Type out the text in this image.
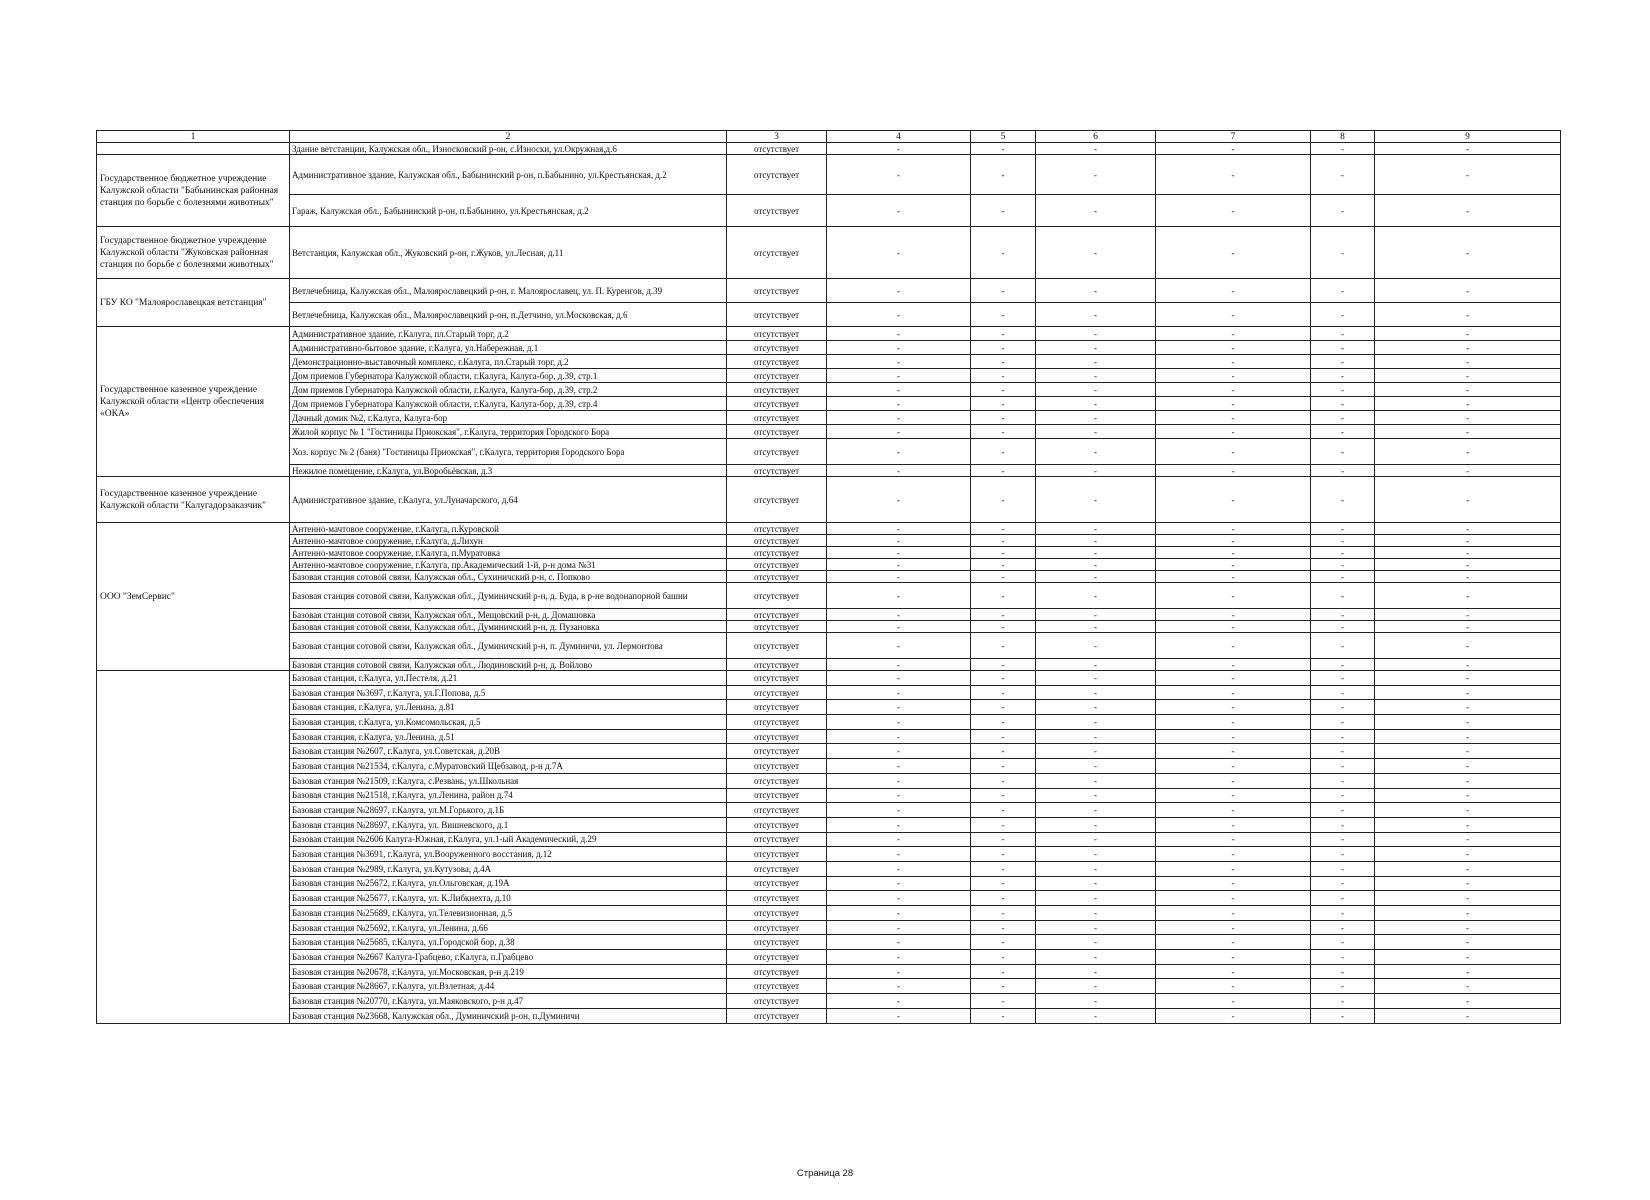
1	2	3	4	5	6	7	8	9
	Здание ветстанции, Калужская обл., Износковский р-он, с.Износки, ул.Окружная,д.6	отсутствует	-	-	-	-	-	-
Государственное бюджетное учреждение Калужской области "Бабынинская районная станция по борьбе с болезнями животных"	Административное здание, Калужская обл., Бабынинский р-он, п.Бабынино, ул.Крестьянская, д.2	отсутствует	-	-	-	-	-	-
	Гараж, Калужская обл., Бабынинский р-он, п.Бабынино, ул.Крестьянская, д.2	отсутствует	-	-	-	-	-	-
Государственное бюджетное учреждение Калужской области "Жуковская районная станция по борьбе с болезнями животных"	Ветстанция, Калужская обл., Жуковский р-он, г.Жуков, ул.Лесная, д.11	отсутствует	-	-	-	-	-	-
ГБУ КО "Малоярославецкая ветстанция"	Ветлечебница, Калужская обл., Малоярославецкий р-он, г. Малоярославец, ул. П. Куренгов, д.39	отсутствует	-	-	-	-	-	-
	Ветлечебница, Калужская обл., Малоярославецкий р-он, п.Детчино, ул.Московская, д.6	отсутствует	-	-	-	-	-	-
Государственное казенное учреждение Калужской области «Центр обеспечения «ОКА»	Административное здание, г.Калуга, пл.Старый торг, д.2	отсутствует	-	-	-	-	-	-
	Административно-бытовое здание, г.Калуга, ул.Набережная, д.1	отсутствует	-	-	-	-	-	-
	Демонстрационно-выставочный комплекс, г.Калуга, пл.Старый торг, д.2	отсутствует	-	-	-	-	-	-
	Дом приемов Губернатора Калужской области, г.Калуга, Калуга-бор, д.39, стр.1	отсутствует	-	-	-	-	-	-
	Дом приемов Губернатора Калужской области, г.Калуга, Калуга-бор, д.39, стр.2	отсутствует	-	-	-	-	-	-
	Дом приемов Губернатора Калужской области, г.Калуга, Калуга-бор, д.39, стр.4	отсутствует	-	-	-	-	-	-
	Дачный домик №2, г.Калуга, Калуга-бор	отсутствует	-	-	-	-	-	-
	Жилой корпус № 1 "Гостиницы Приокская", г.Калуга, территория Городского Бора	отсутствует	-	-	-	-	-	-
	Хоз. корпус № 2 (баня) "Гостиницы Приокская", г.Калуга, территория Городского Бора	отсутствует	-	-	-	-	-	-
	Нежилое помещение, г.Калуга, ул.Воробьёвская, д.3	отсутствует	-	-	-	-	-	-
Государственное казенное учреждение Калужской области "Калугадорзаказчик"	Административное здание, г.Калуга, ул.Луначарского, д.64	отсутствует	-	-	-	-	-	-
ООО "ЗемСервис"	Антенно-мачтовое сооружение, г.Калуга, п.Куровской	отсутствует	-	-	-	-	-	-
	Антенно-мачтовое сооружение, г.Калуга, д.Лихун	отсутствует	-	-	-	-	-	-
	Антенно-мачтовое сооружение, г.Калуга, п.Муратовка	отсутствует	-	-	-	-	-	-
	Антенно-мачтовое сооружение, г.Калуга, пр.Академический 1-й, р-н дома №31	отсутствует	-	-	-	-	-	-
	Базовая станция сотовой связи, Калужская обл., Сухиничский р-н, с. Попково	отсутствует	-	-	-	-	-	-
	Базовая станция сотовой связи, Калужская обл., Думиничский р-н, д. Буда, в р-не водонапорной башни	отсутствует	-	-	-	-	-	-
	Базовая станция сотовой связи, Калужская обл., Мещовский р-н, д. Домашовка	отсутствует	-	-	-	-	-	-
	Базовая станция сотовой связи, Калужская обл., Думиничский р-н, д. Пузановка	отсутствует	-	-	-	-	-	-
	Базовая станция сотовой связи, Калужская обл., Думиничский р-н, п. Думиничи, ул. Лермонтова	отсутствует	-	-	-	-	-	-
	Базовая станция сотовой связи, Калужская обл., Людиновский р-н, д. Войлово	отсутствует	-	-	-	-	-	-
	Базовая станция, г.Калуга, ул.Пестеля, д.21	отсутствует	-	-	-	-	-	-
	Базовая станция №3697, г.Калуга, ул.Г.Попова, д.5	отсутствует	-	-	-	-	-	-
	Базовая станция, г.Калуга, ул.Ленина, д.81	отсутствует	-	-	-	-	-	-
	Базовая станция, г.Калуга, ул.Комсомольская, д.5	отсутствует	-	-	-	-	-	-
	Базовая станция, г.Калуга, ул.Ленина, д.51	отсутствует	-	-	-	-	-	-
	Базовая станция №2607, г.Калуга, ул.Советская, д.20В	отсутствует	-	-	-	-	-	-
	Базовая станция №21534, г.Калуга, с.Муратовский Щебзавод, р-н д.7А	отсутствует	-	-	-	-	-	-
	Базовая станция №21509, г.Калуга, с.Резвань, ул.Школьная	отсутствует	-	-	-	-	-	-
	Базовая станция №21518, г.Калуга, ул.Ленина, район д.74	отсутствует	-	-	-	-	-	-
	Базовая станция №28697, г.Калуга, ул.М.Горького, д.1Б	отсутствует	-	-	-	-	-	-
	Базовая станция №28697, г.Калуга, ул. Вишневского, д.1	отсутствует	-	-	-	-	-	-
	Базовая станция №2606 Калуга-Южная, г.Калуга, ул.1-ый Академический, д.29	отсутствует	-	-	-	-	-	-
	Базовая станция №3691, г.Калуга, ул.Вооруженного восстания, д.12	отсутствует	-	-	-	-	-	-
	Базовая станция №2989, г.Калуга, ул.Кутузова, д.4А	отсутствует	-	-	-	-	-	-
	Базовая станция №25672, г.Калуга, ул.Ольговская, д.19А	отсутствует	-	-	-	-	-	-
	Базовая станция №25677, г.Калуга, ул. К.Либкнехта, д.10	отсутствует	-	-	-	-	-	-
	Базовая станция №25689, г.Калуга, ул.Телевизионная, д.5	отсутствует	-	-	-	-	-	-
	Базовая станция №25692, г.Калуга, ул.Ленина, д.66	отсутствует	-	-	-	-	-	-
	Базовая станция №25685, г.Калуга, ул.Городской бор, д.38	отсутствует	-	-	-	-	-	-
	Базовая станция №2667 Калуга-Грабцево, г.Калуга, п.Грабцево	отсутствует	-	-	-	-	-	-
	Базовая станция №20678, г.Калуга, ул.Московская, р-н д.219	отсутствует	-	-	-	-	-	-
	Базовая станция №28667, г.Калуга, ул.Взлетная, д.44	отсутствует	-	-	-	-	-	-
	Базовая станция №20770, г.Калуга, ул.Маяковского, р-н д.47	отсутствует	-	-	-	-	-	-
	Базовая станция №23668, Калужская обл., Думиничский р-он, п.Думиничи	отсутствует	-	-	-	-	-	-
Страница 28
